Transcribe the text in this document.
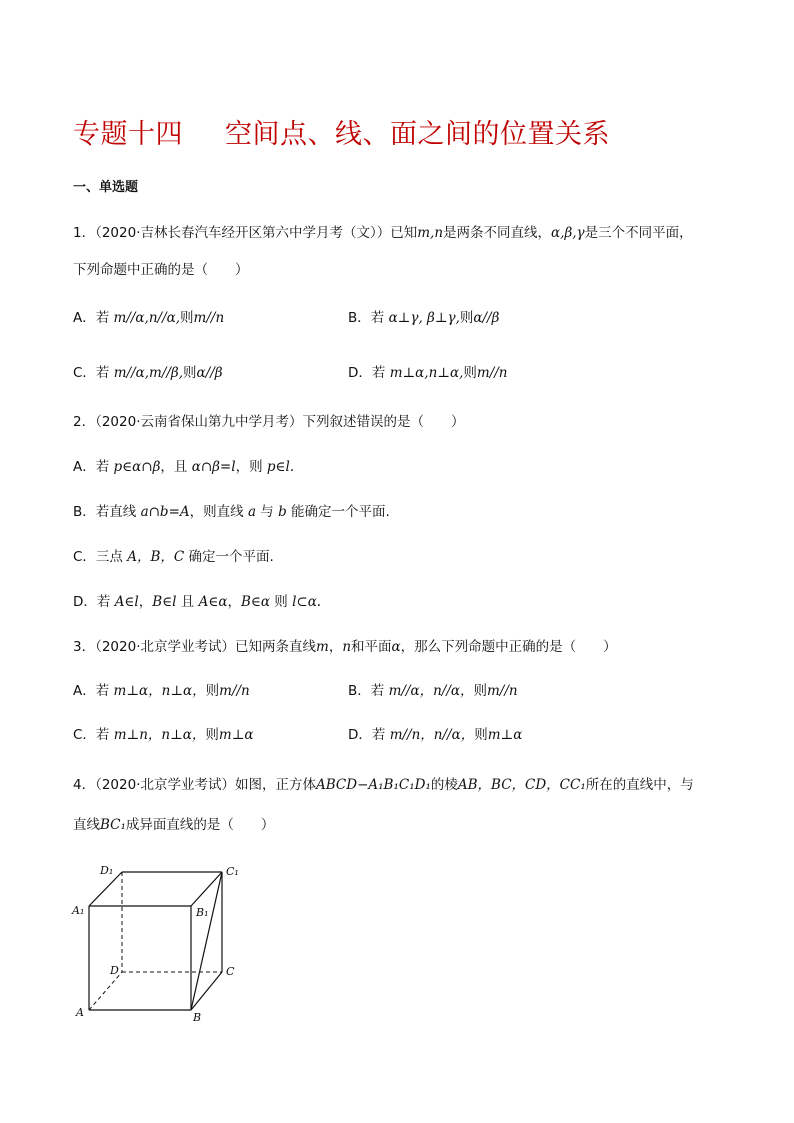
专题十四 空间点、线、面之间的位置关系
一、单选题
1．（2020·吉林长春汽车经开区第六中学月考（文））已知m,n是两条不同直线，α,β,γ是三个不同平面，
下列命题中正确的是（　　）
A．若 m//α,n//α,则m//n	B．若 α⊥γ, β⊥γ,则α//β
C．若 m//α,m//β,则α//β	D．若 m⊥α,n⊥α,则m//n
2．（2020·云南省保山第九中学月考）下列叙述错误的是（　　）
A．若 p∈α∩β，且 α∩β=l，则 p∈l.
B．若直线 a∩b=A，则直线 a 与 b 能确定一个平面.
C．三点 A，B，C 确定一个平面.
D．若 A∈l，B∈l 且 A∈α，B∈α 则 l⊂α.
3．（2020·北京学业考试）已知两条直线m，n和平面α，那么下列命题中正确的是（　　）
A．若 m⊥α，n⊥α，则m//n	B．若 m//α，n//α，则m//n
C．若 m⊥n，n⊥α，则m⊥α	D．若 m//n，n//α，则m⊥α
4．（2020·北京学业考试）如图，正方体ABCD−A₁B₁C₁D₁的棱AB，BC，CD，CC₁所在的直线中，与
直线BC₁成异面直线的是（　　）
D₁	C₁
A₁	B₁
D	C
A	B
